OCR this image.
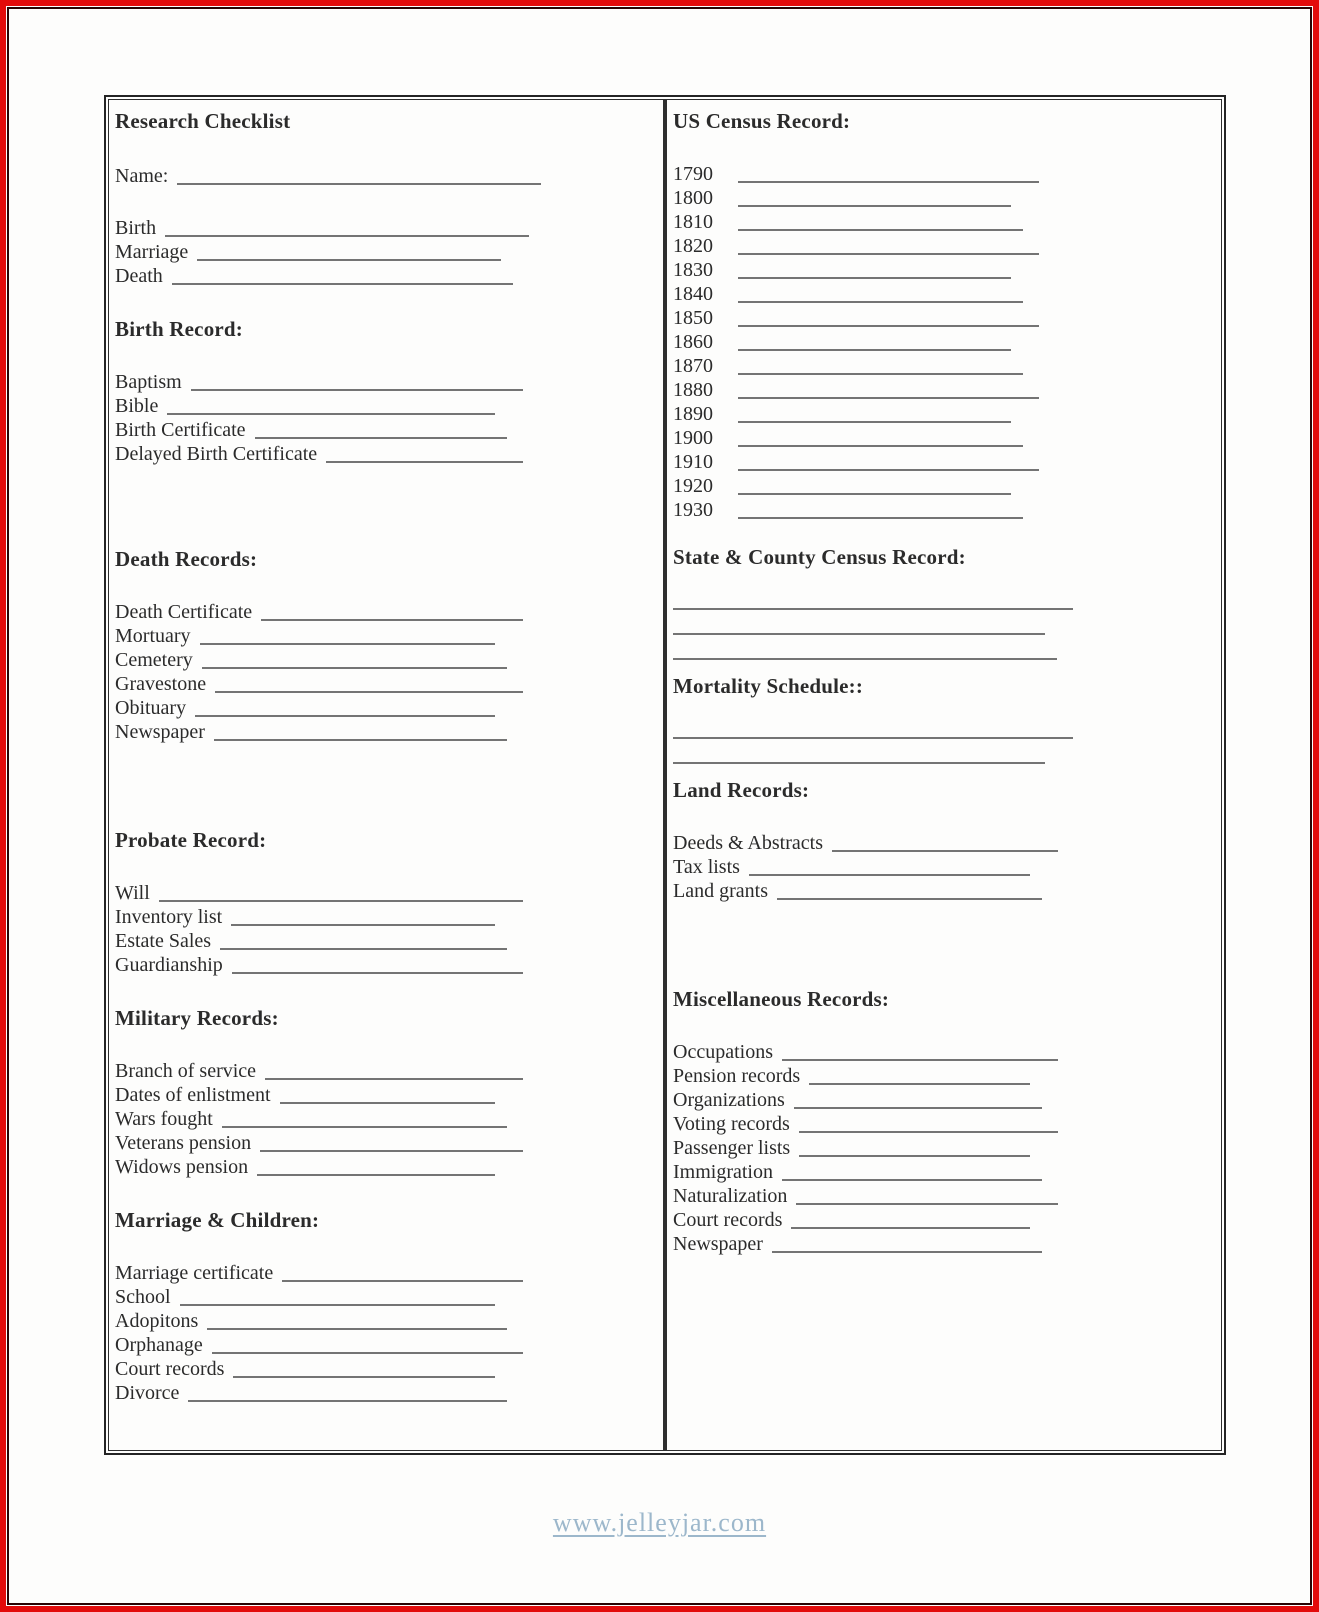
Research Checklist
Name:
Birth
Marriage
Death
Birth Record:
Baptism
Bible
Birth Certificate
Delayed Birth Certificate
Death Records:
Death Certificate
Mortuary
Cemetery
Gravestone
Obituary
Newspaper
Probate Record:
Will
Inventory list
Estate Sales
Guardianship
Military Records:
Branch of service
Dates of enlistment
Wars fought
Veterans pension
Widows pension
Marriage & Children:
Marriage certificate
School
Adopitons
Orphanage
Court records
Divorce
US Census Record:
1790
1800
1810
1820
1830
1840
1850
1860
1870
1880
1890
1900
1910
1920
1930
State & County Census Record:
Mortality Schedule::
Land Records:
Deeds & Abstracts
Tax lists
Land grants
Miscellaneous Records:
Occupations
Pension records
Organizations
Voting records
Passenger lists
Immigration
Naturalization
Court records
Newspaper
www.jelleyjar.com
